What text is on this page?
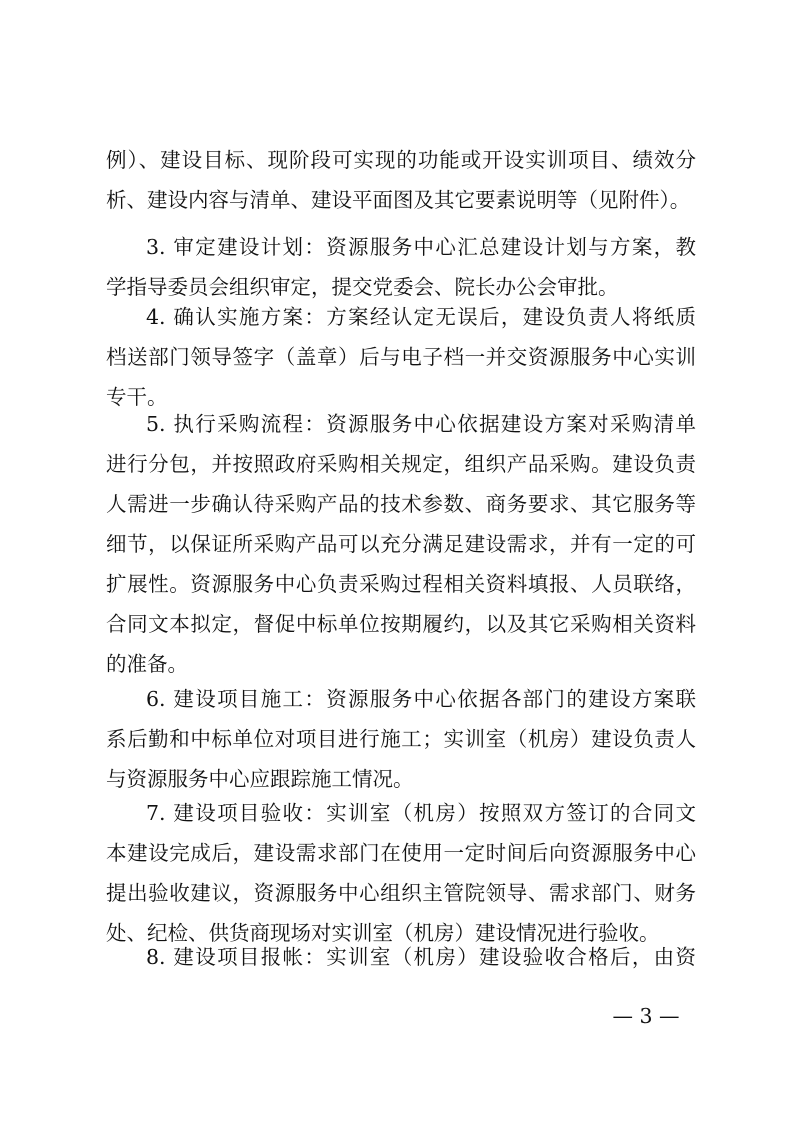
例）、建设目标、现阶段可实现的功能或开设实训项目、绩效分
析、建设内容与清单、建设平面图及其它要素说明等（见附件）。
3. 审定建设计划：资源服务中心汇总建设计划与方案，教
学指导委员会组织审定，提交党委会、院长办公会审批。
4. 确认实施方案：方案经认定无误后，建设负责人将纸质
档送部门领导签字（盖章）后与电子档一并交资源服务中心实训
专干。
5. 执行采购流程：资源服务中心依据建设方案对采购清单
进行分包，并按照政府采购相关规定，组织产品采购。建设负责
人需进一步确认待采购产品的技术参数、商务要求、其它服务等
细节，以保证所采购产品可以充分满足建设需求，并有一定的可
扩展性。资源服务中心负责采购过程相关资料填报、人员联络，
合同文本拟定，督促中标单位按期履约，以及其它采购相关资料
的准备。
6. 建设项目施工：资源服务中心依据各部门的建设方案联
系后勤和中标单位对项目进行施工；实训室（机房）建设负责人
与资源服务中心应跟踪施工情况。
7. 建设项目验收：实训室（机房）按照双方签订的合同文
本建设完成后，建设需求部门在使用一定时间后向资源服务中心
提出验收建议，资源服务中心组织主管院领导、需求部门、财务
处、纪检、供货商现场对实训室（机房）建设情况进行验收。
8. 建设项目报帐：实训室（机房）建设验收合格后，由资
— 3 —
